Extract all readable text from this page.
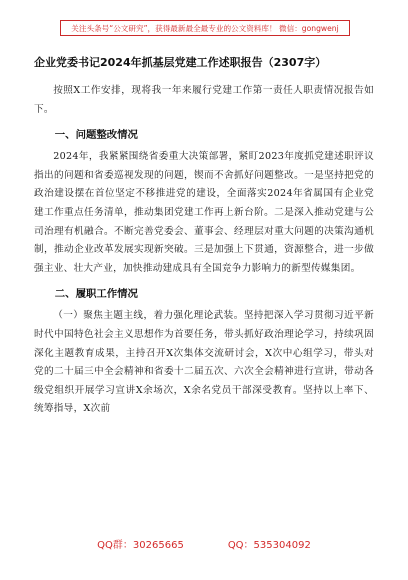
关注头条号“公文研究”，获得最新最全最专业的公文资料库！ 微信：gongwenj
企业党委书记2024年抓基层党建工作述职报告（2307字）

按照X工作安排，现将我一年来履行党建工作第一责任人职责情况报告如下。

一、问题整改情况

2024年，我紧紧围绕省委重大决策部署，紧盯2023年度抓党建述职评议指出的问题和省委巡视发现的问题，锲而不舍抓好问题整改。一是坚持把党的政治建设摆在首位坚定不移推进党的建设，全面落实2024年省属国有企业党建工作重点任务清单，推动集团党建工作再上新台阶。二是深入推动党建与公司治理有机融合。不断完善党委会、董事会、经理层对重大问题的决策沟通机制，推动企业改革发展实现新突破。三是加强上下贯通，资源整合，进一步做强主业、壮大产业，加快推动建成具有全国竞争力影响力的新型传媒集团。

二、履职工作情况

（一）聚焦主题主线，着力强化理论武装。坚持把深入学习贯彻习近平新时代中国特色社会主义思想作为首要任务，带头抓好政治理论学习，持续巩固深化主题教育成果，主持召开X次集体交流研讨会，X次中心组学习，带头对党的二十届三中全会精神和省委十二届五次、六次全会精神进行宣讲，带动各级党组织开展学习宣讲X余场次，X余名党员干部深受教育。坚持以上率下、统筹指导，X次前

QQ群：30265665	QQ：535304092
